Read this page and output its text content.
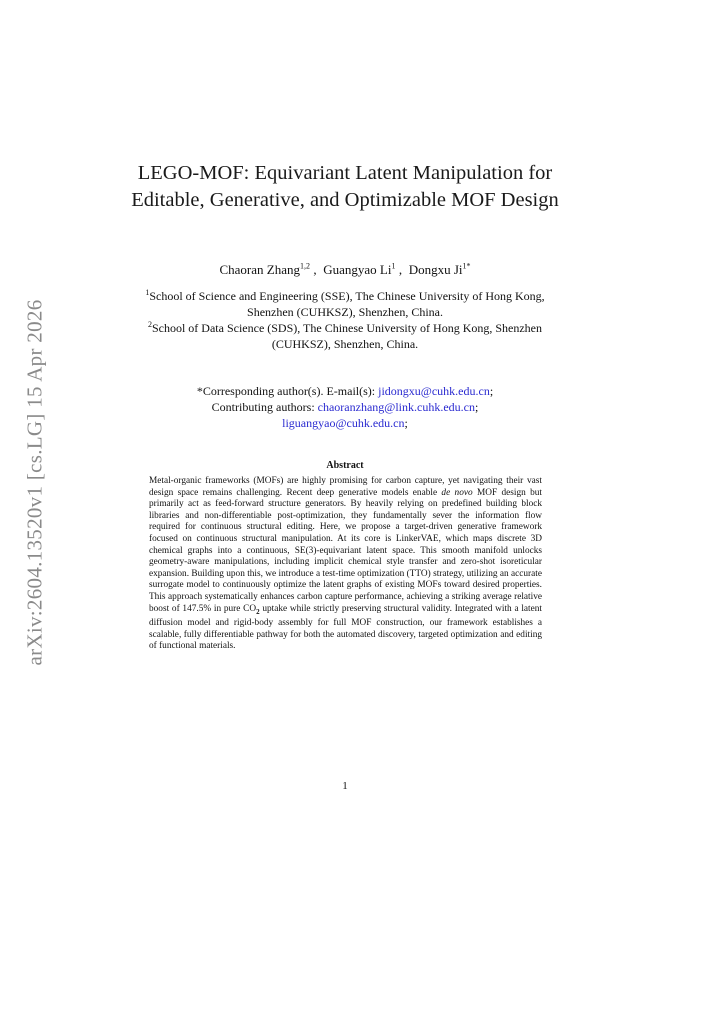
arXiv:2604.13520v1 [cs.LG] 15 Apr 2026
LEGO-MOF: Equivariant Latent Manipulation for Editable, Generative, and Optimizable MOF Design
Chaoran Zhang$^{1,2}$ , Guangyao Li$^1$ , Dongxu $Ji^{1*}$
$^1$School of Science and Engineering (SSE), The Chinese University of Hong Kong, Shenzhen (CUHKSZ), Shenzhen, China.
$^2$School of Data Science (SDS), The Chinese University of Hong Kong, Shenzhen (CUHKSZ), Shenzhen, China.
*Corresponding author(s). E-mail(s): jidongxu@cuhk.edu.cn;
Contributing authors: chaoranzhang@link.cuhk.edu.cn;
liguangyao@cuhk.edu.cn;
Abstract

Metal-organic frameworks (MOFs) are highly promising for carbon capture, yet navigating their vast design space remains challenging. Recent deep generative models enable de novo MOF design but primarily act as feed-forward structure generators. By heavily relying on predefined building block libraries and non-differentiable post-optimization, they fundamentally sever the information flow required for continuous structural editing. Here, we propose a target-driven generative framework focused on continuous structural manipulation. At its core is LinkerVAE, which maps discrete 3D chemical graphs into a continuous, SE(3)-equivariant latent space. This smooth manifold unlocks geometry-aware manipulations, including implicit chemical style transfer and zero-shot isoreticular expansion. Building upon this, we introduce a test-time optimization (TTO) strategy, utilizing an accurate surrogate model to continuously optimize the latent graphs of existing MOFs toward desired properties. This approach systematically enhances carbon capture performance, achieving a striking average relative boost of 147.5% in pure $CO_2$ uptake while strictly preserving structural validity. Integrated with a latent diffusion model and rigid-body assembly for full MOF construction, our framework establishes a scalable, fully differentiable pathway for both the automated discovery, targeted optimization and editing of functional materials.

1
